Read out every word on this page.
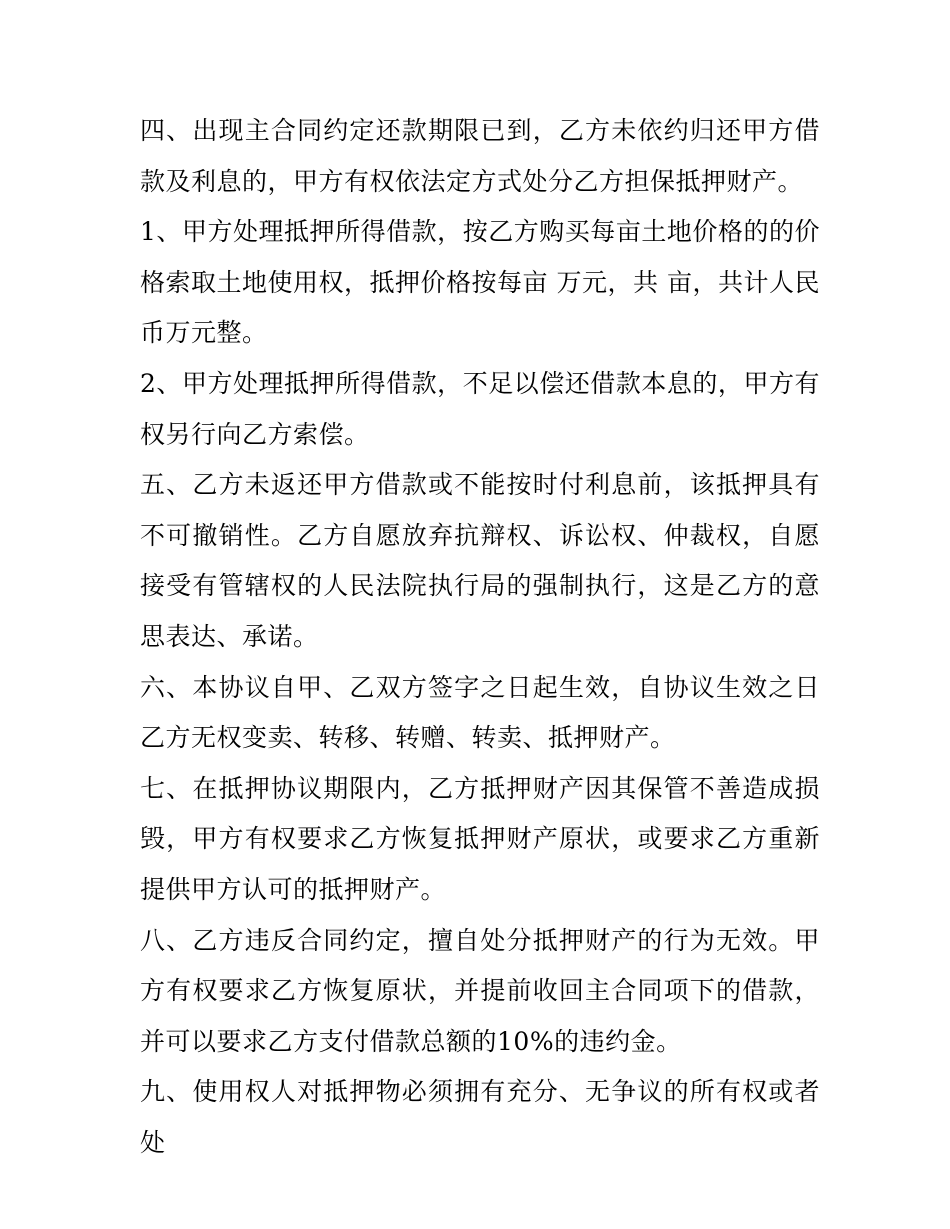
四、出现主合同约定还款期限已到，乙方未依约归还甲方借款及利息的，甲方有权依法定方式处分乙方担保抵押财产。

1、甲方处理抵押所得借款，按乙方购买每亩土地价格的的价格索取土地使用权，抵押价格按每亩 万元，共 亩，共计人民币万元整。

2、甲方处理抵押所得借款，不足以偿还借款本息的，甲方有权另行向乙方索偿。

五、乙方未返还甲方借款或不能按时付利息前，该抵押具有不可撤销性。乙方自愿放弃抗辩权、诉讼权、仲裁权，自愿接受有管辖权的人民法院执行局的强制执行，这是乙方的意思表达、承诺。

六、本协议自甲、乙双方签字之日起生效，自协议生效之日乙方无权变卖、转移、转赠、转卖、抵押财产。

七、在抵押协议期限内，乙方抵押财产因其保管不善造成损毁，甲方有权要求乙方恢复抵押财产原状，或要求乙方重新提供甲方认可的抵押财产。

八、乙方违反合同约定，擅自处分抵押财产的行为无效。甲方有权要求乙方恢复原状，并提前收回主合同项下的借款，并可以要求乙方支付借款总额的10%的违约金。

九、使用权人对抵押物必须拥有充分、无争议的所有权或者处
